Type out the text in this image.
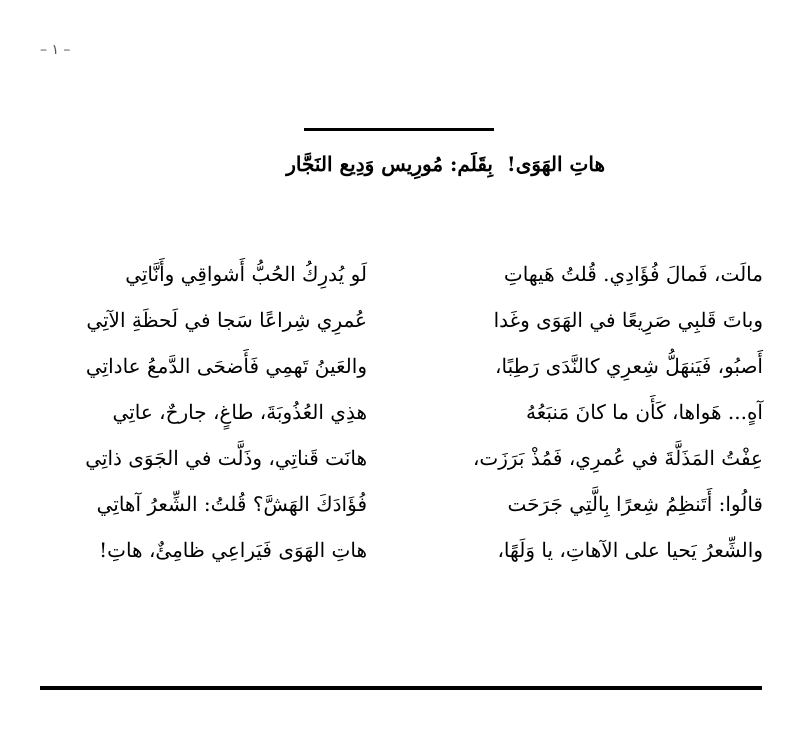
– ١ –
هاتِ الهَوَى!
بِقَلَم: مُورِيس وَدِيع النَجَّار
مالَت، فَمالَ فُؤَادِي. قُلتُ هَيهاتِ
لَو يُدرِكُ الحُبُّ أَشواقِي وأَنَّاتِي
وباتَ قَلبِي صَرِيعًا في الهَوَى وغَدا
عُمرِي شِراعًا سَجا في لَحظَةِ الآتِي
أَصبُو، فَيَنهَلُّ شِعرِي كالنَّدَى رَطِبًا،
والعَينُ تَهمِي فَأَضحَى الدَّمعُ عاداتِي
آهٍ... هَواها، كَأَن ما كانَ مَنبَعُهُ
هذِي العُذُوبَةَ، طاغٍ، جارحٌ، عاتِي
عِفْتُ المَذَلَّةَ في عُمرِي، فَمُذْ بَرَزَت،
هانَت قَناتِي، وذَلَّت في الجَوَى ذاتِي
قالُوا: أَتَنظِمُ شِعرًا بِالَّتِي جَرَحَت
فُؤَادَكَ الهَشَّ؟ قُلتُ: الشِّعرُ آهاتِي
والشِّعرُ يَحيا على الآهاتِ، يا وَلَهًا،
هاتِ الهَوَى فَيَراعِي ظامِئٌ، هاتِ!
